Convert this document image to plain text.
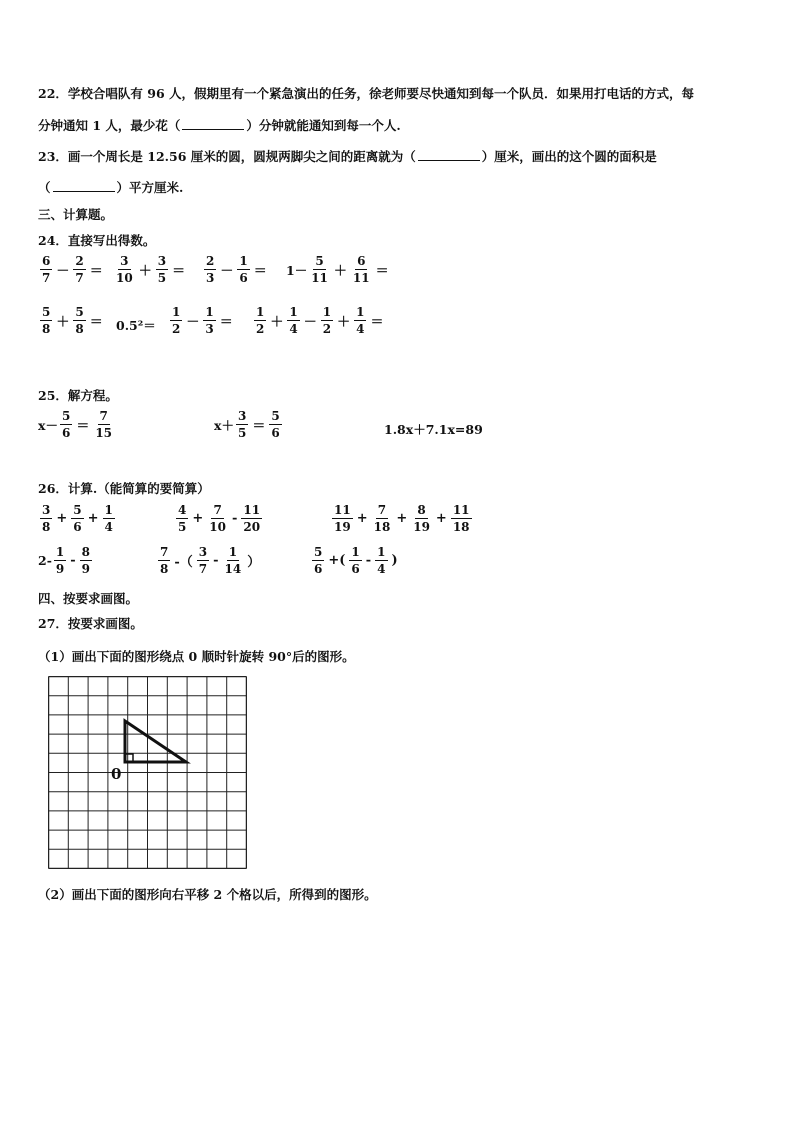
22．学校合唱队有 96 人，假期里有一个紧急演出的任务，徐老师要尽快通知到每一个队员．如果用打电话的方式，每
分钟通知 1 人，最少花（	）分钟就能通知到每一个人.
23．画一个周长是 12.56 厘米的圆，圆规两脚尖之间的距离就为（	）厘米，画出的这个圆的面积是
（	）平方厘米.
三、计算题。
24．直接写出得数。
$\frac{6}{7} - \frac{2}{7} = \frac{3}{10} + \frac{3}{5} = \frac{2}{3} - \frac{1}{6} = 1- \frac{5}{11} + \frac{6}{11}$ ＝
$\frac{5}{8} + \frac{5}{8} = 0.5^2= \frac{1}{2} - \frac{1}{3} = \frac{1}{2} + \frac{1}{4} - \frac{1}{2} + \frac{1}{4}$ ＝
25．解方程。
$x- \frac{5}{6} = \frac{7}{15}$	$x+ \frac{3}{5} = \frac{5}{6}$	1.8x＋7.1x=89
26．计算.（能简算的要简算）
$\frac{3}{8} + \frac{5}{6} + \frac{1}{4}$	$\frac{4}{5} + \frac{7}{10} - \frac{11}{20}$	$\frac{11}{19} + \frac{7}{18} + \frac{8}{19} + \frac{11}{18}$
$2- \frac{1}{9} - \frac{8}{9}$	$\frac{7}{8}$ -（ $\frac{3}{7} - \frac{1}{14}$ ）	$\frac{5}{6}$ +( $\frac{1}{6} - \frac{1}{4}$ )
四、按要求画图。
27．按要求画图。
（1）画出下面的图形绕点 0 顺时针旋转 90°后的图形。
0
（2）画出下面的图形向右平移 2 个格以后，所得到的图形。
